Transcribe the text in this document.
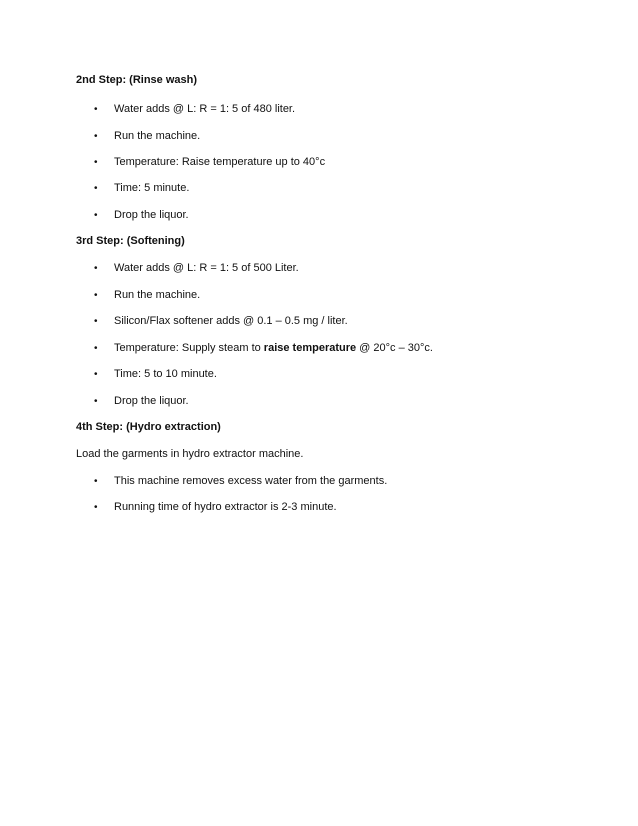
2nd Step: (Rinse wash)
• Water adds @ L: R = 1: 5 of 480 liter.
• Run the machine.
• Temperature: Raise temperature up to 40°c
• Time: 5 minute.
• Drop the liquor.
3rd Step: (Softening)
• Water adds @ L: R = 1: 5 of 500 Liter.
• Run the machine.
• Silicon/Flax softener adds @ 0.1 – 0.5 mg / liter.
• Temperature: Supply steam to raise temperature @ 20°c – 30°c.
• Time: 5 to 10 minute.
• Drop the liquor.
4th Step: (Hydro extraction)
Load the garments in hydro extractor machine.
• This machine removes excess water from the garments.
• Running time of hydro extractor is 2-3 minute.
